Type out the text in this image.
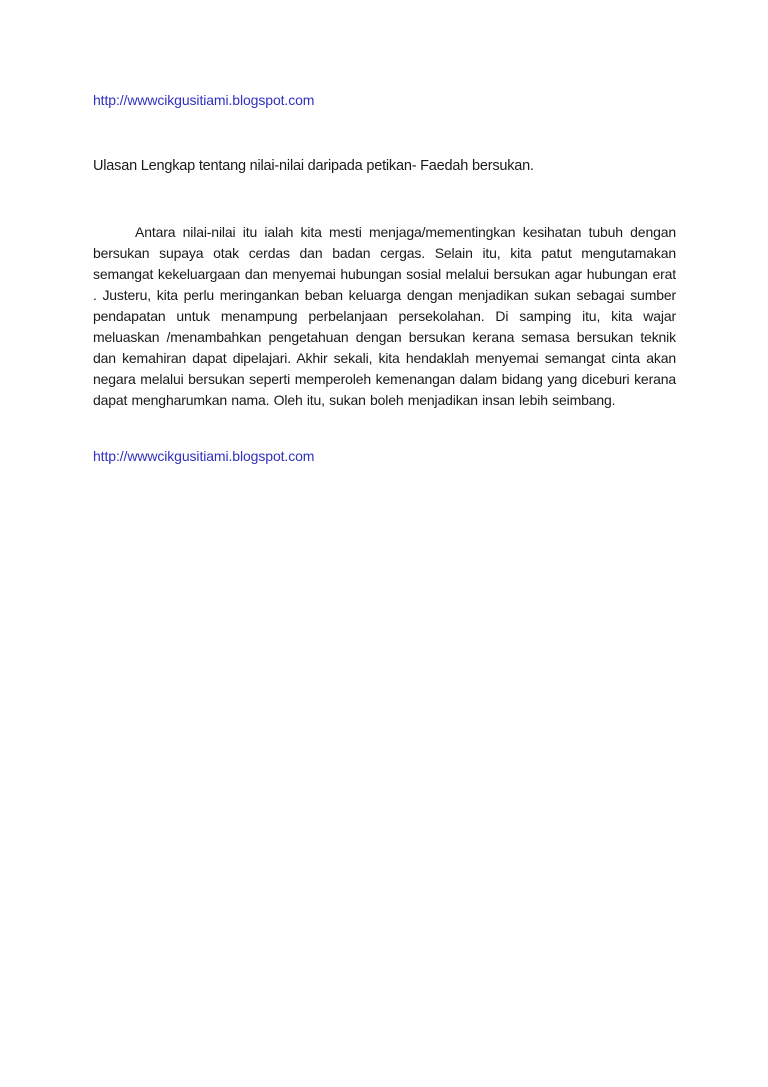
http://wwwcikgusitiami.blogspot.com
Ulasan Lengkap tentang nilai-nilai daripada petikan- Faedah bersukan.
Antara nilai-nilai itu ialah kita mesti menjaga/mementingkan kesihatan tubuh dengan bersukan supaya otak cerdas dan badan cergas. Selain itu, kita patut mengutamakan semangat kekeluargaan dan menyemai hubungan sosial melalui bersukan agar hubungan erat . Justeru, kita perlu meringankan beban keluarga dengan menjadikan sukan sebagai sumber pendapatan untuk menampung perbelanjaan persekolahan. Di samping itu, kita wajar meluaskan /menambahkan pengetahuan dengan bersukan kerana semasa bersukan teknik dan kemahiran dapat dipelajari. Akhir sekali, kita hendaklah menyemai semangat cinta akan negara melalui bersukan seperti memperoleh kemenangan dalam bidang yang diceburi kerana dapat mengharumkan nama. Oleh itu, sukan boleh menjadikan insan lebih seimbang.
http://wwwcikgusitiami.blogspot.com
